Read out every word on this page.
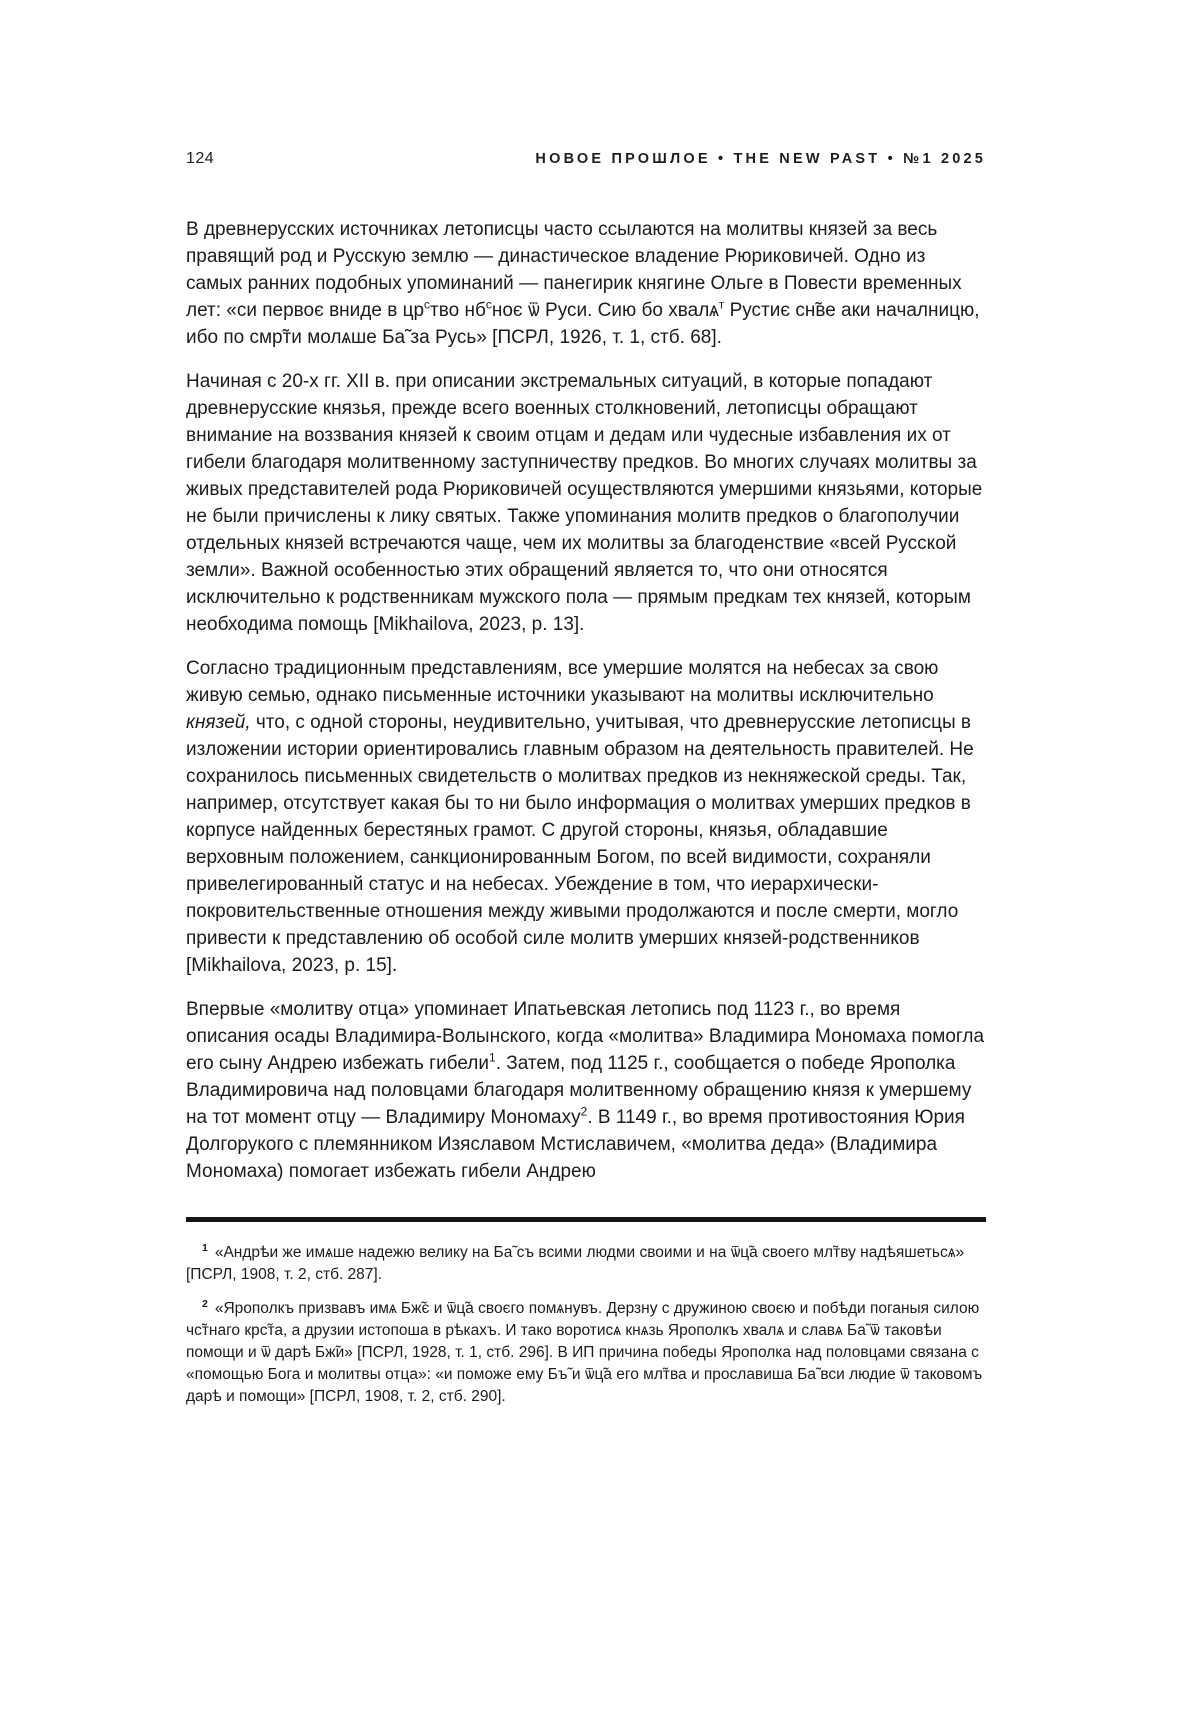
124	НОВОЕ ПРОШЛОЕ • THE NEW PAST • №1 2025

В древнерусских источниках летописцы часто ссылаются на молитвы князей за весь правящий род и Русскую землю — династическое владение Рюриковичей. Одно из самых ранних подобных упоминаний — панегирик княгине Ольге в Повести временных лет: «си первоє вниде в $цр^ство$ $нб^сноє$ ѿ Руси. Сию бо хвалѧ$^т$ Рустиє сн̃ве аки началницю, ибо по смр̃ти молѧше Ба̃ за Русь» [ПСРЛ, 1926, т. 1, стб. 68].

Начиная с 20-х гг. XII в. при описании экстремальных ситуаций, в которые попадают древнерусские князья, прежде всего военных столкновений, летописцы обращают внимание на воззвания князей к своим отцам и дедам или чудесные избавления их от гибели благодаря молитвенному заступничеству предков. Во многих случаях молитвы за живых представителей рода Рюриковичей осуществляются умершими князьями, которые не были причислены к лику святых. Также упоминания молитв предков о благополучии отдельных князей встречаются чаще, чем их молитвы за благоденствие «всей Русской земли». Важной особенностью этих обращений является то, что они относятся исключительно к родственникам мужского пола — прямым предкам тех князей, которым необходима помощь [Mikhailova, 2023, p. 13].

Согласно традиционным представлениям, все умершие молятся на небесах за свою живую семью, однако письменные источники указывают на молитвы исключительно князей, что, с одной стороны, неудивительно, учитывая, что древнерусские летописцы в изложении истории ориентировались главным образом на деятельность правителей. Не сохранилось письменных свидетельств о молитвах предков из некняжеской среды. Так, например, отсутствует какая бы то ни было информация о молитвах умерших предков в корпусе найденных берестяных грамот. С другой стороны, князья, обладавшие верховным положением, санкционированным Богом, по всей видимости, сохраняли привелегированный статус и на небесах. Убеждение в том, что иерархически-покровительственные отношения между живыми продолжаются и после смерти, могло привести к представлению об особой силе молитв умерших князей-родственников [Mikhailova, 2023, p. 15].

Впервые «молитву отца» упоминает Ипатьевская летопись под 1123 г., во время описания осады Владимира-Волынского, когда «молитва» Владимира Мономаха помогла его сыну Андрею избежать гибели$^1$. Затем, под 1125 г., сообщается о победе Ярополка Владимировича над половцами благодаря молитвенному обращению князя к умершему на тот момент отцу — Владимиру Мономаху$^2$. В 1149 г., во время противостояния Юрия Долгорукого с племянником Изяславом Мстиславичем, «молитва деда» (Владимира Мономаха) помогает избежать гибели Андрею

$^1$ «Андрѣи же имѧше надежю велику на Ба̃ съ всими людми своими и на ѿц̃а своего мл̃тву надѣяшетьсѧ» [ПСРЛ, 1908, т. 2, стб. 287].

$^2$ «Ярополкъ призвавъ имѧ Бж̃є и ѿц̃а своєго помѧнувъ. Дерзну с дружиною своєю и побѣди поганыя силою чс̃тнаго крс̃та, а друзии истопоша в рѣкахъ. И тако воротисѧ кнѧзь Ярополкъ хвалѧ и славѧ Ба̃ ѿ таковѣи помощи и ѿ дарѣ Бж̃и» [ПСРЛ, 1928, т. 1, стб. 296]. В ИП причина победы Ярополка над половцами связана с «помощью Бога и молитвы отца»: «и поможе ему Бъ̃ и ѿц̃а его мл̃тва и прославиша Ба̃ вси людие ѿ таковомъ дарѣ и помощи» [ПСРЛ, 1908, т. 2, стб. 290].
